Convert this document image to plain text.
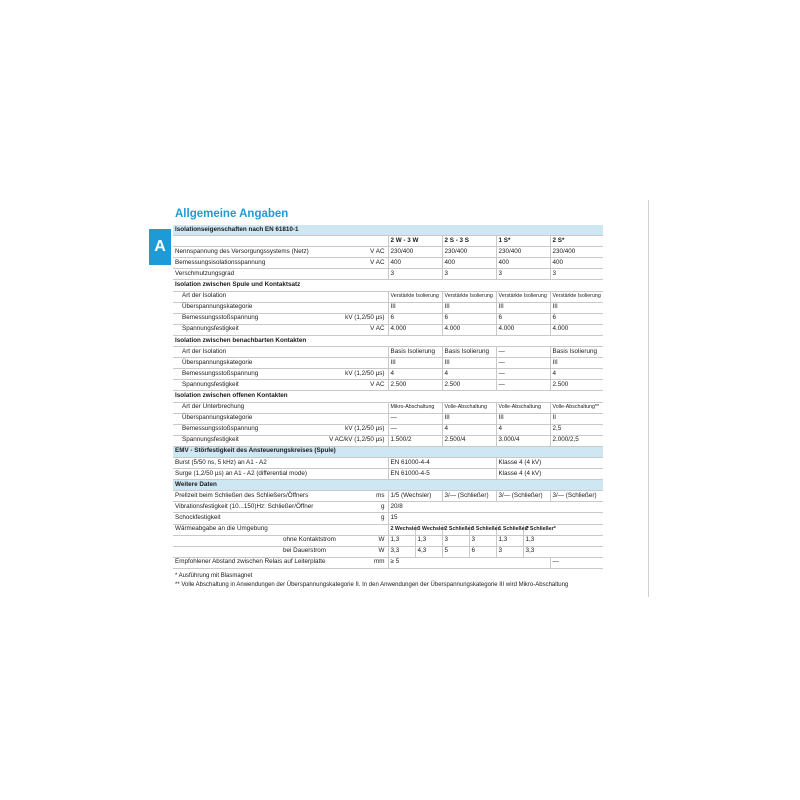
A
Allgemeine Angaben
Isolationseigenschaften nach EN 61810-1								
		2 W - 3 W		2 S - 3 S		1 S*		2 S*
Nennspannung des Versorgungssystems (Netz)	V AC	230/400		230/400		230/400		230/400
Bemessungsisolationsspannung	V AC	400		400		400		400
Verschmutzungsgrad		3		3		3		3
Isolation zwischen Spule und Kontaktsatz								
Art der Isolation		Verstärkte Isolierung		Verstärkte Isolierung		Verstärkte Isolierung		Verstärkte Isolierung
Überspannungskategorie		III		III		III		III
Bemessungsstoßspannung	kV (1,2/50 µs)	6		6		6		6
Spannungsfestigkeit	V AC	4.000		4.000		4.000		4.000
Isolation zwischen benachbarten Kontakten								
Art der Isolation		Basis Isolierung		Basis Isolierung		—		Basis Isolierung
Überspannungskategorie		III		III		—		III
Bemessungsstoßspannung	kV (1,2/50 µs)	4		4		—		4
Spannungsfestigkeit	V AC	2.500		2.500		—		2.500
Isolation zwischen offenen Kontakten								
Art der Unterbrechung		Mikro-Abschaltung		Volle-Abschaltung		Volle-Abschaltung		Volle-Abschaltung**
Überspannungskategorie		—		III		III		II
Bemessungsstoßspannung	kV (1,2/50 µs)	—		4		4		2,5
Spannungsfestigkeit	V AC/kV (1,2/50 µs)	1.500/2		2.500/4		3.000/4		2.000/2,5
EMV - Störfestigkeit des Ansteuerungskreises (Spule)								
Burst (5/50 ns, 5 kHz) an A1 - A2		EN 61000-4-4				Klasse 4 (4 kV)		
Surge (1,2/50 µs) an A1 - A2 (differential mode)		EN 61000-4-5				Klasse 4 (4 kV)		
Weitere Daten								
Prellzeit beim Schließen des Schließers/Öffners	ms	1/5 (Wechsler)		3/— (Schließer)		3/— (Schließer)		3/— (Schließer)
Vibrationsfestigkeit (10...150)Hz: Schließer/Öffner	g	20/8						
Schockfestigkeit	g	15						
Wärmeabgabe an die Umgebung		2 Wechsler	3 Wechsler	2 Schließer	3 Schließer	1 Schließer*	2 Schließer*	
ohne Kontaktstrom	W	1,3	1,3	3	3	1,3	1,3	
bei Dauerstrom	W	3,3	4,3	5	6	3	3,3	
Empfohlener Abstand zwischen Relais auf Leiterplatte	mm	≥ 5						—
* Ausführung mit Blasmagnet
** Volle Abschaltung in Anwendungen der Überspannungskategorie II. In den Anwendungen der Überspannungskategorie III wird Mikro-Abschaltung
